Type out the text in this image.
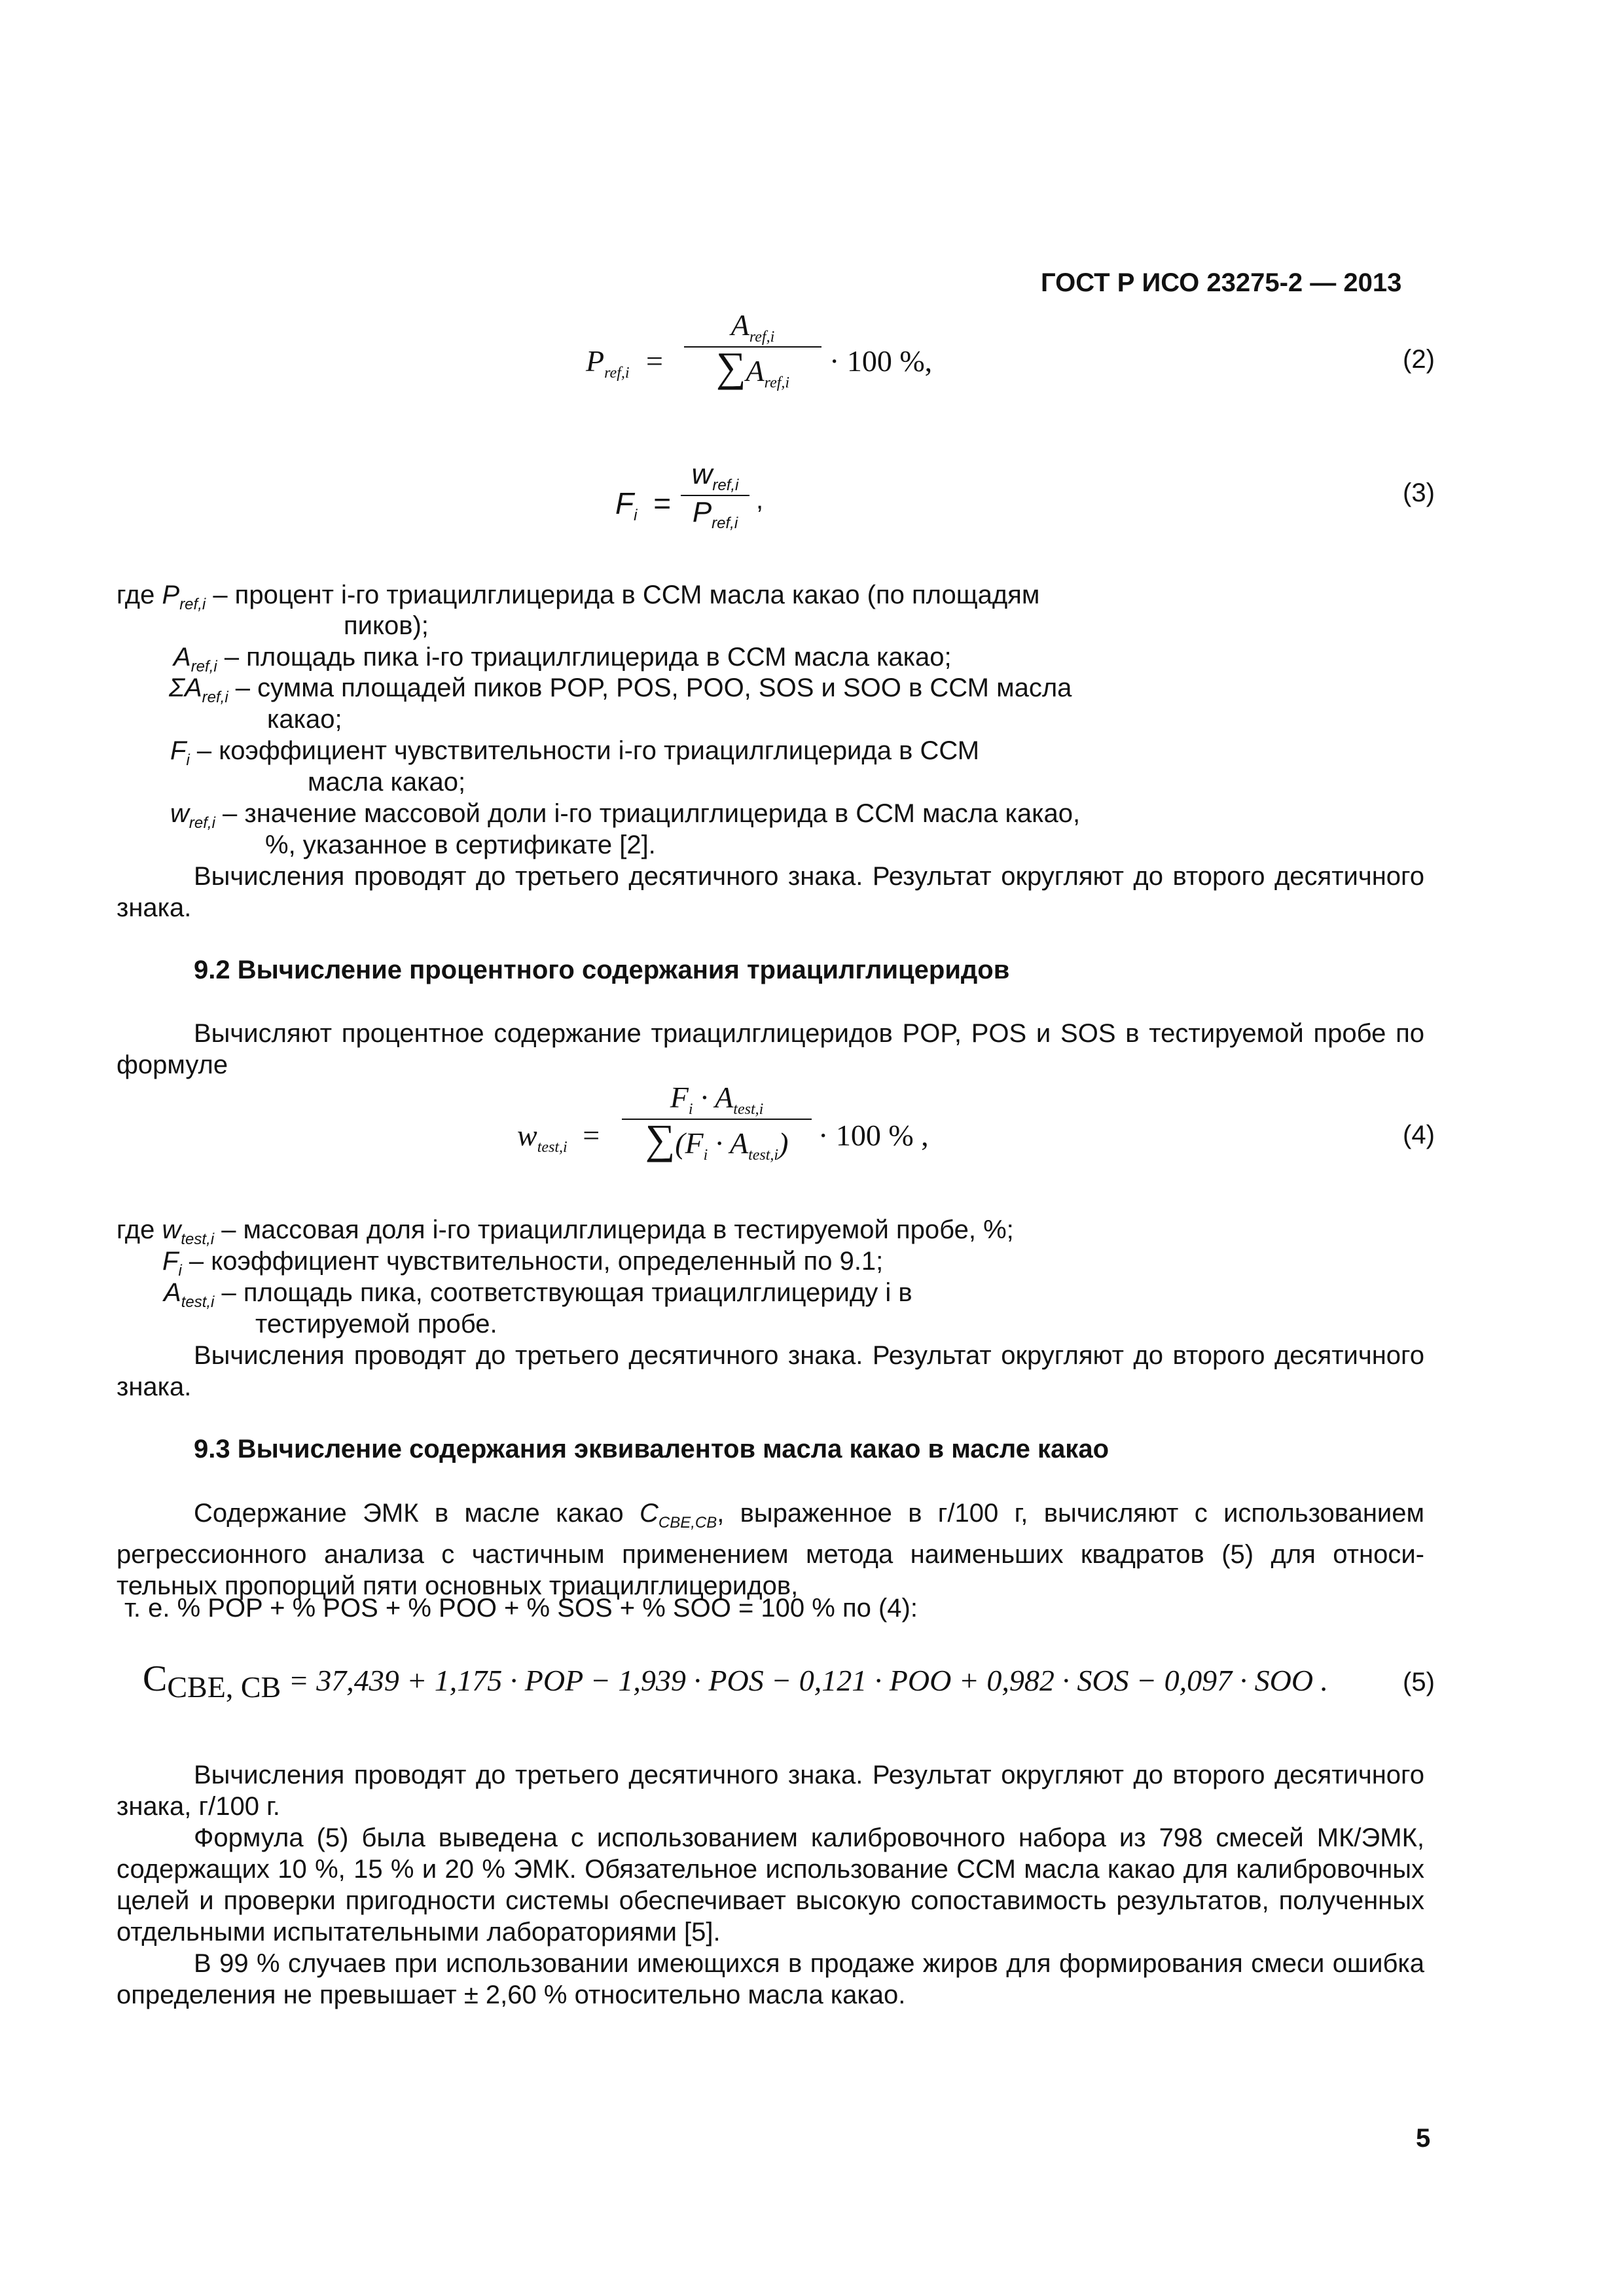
ГОСТ Р ИСО 23275-2 — 2013
$P_{ref,i}$ =
$A_{ref,i}$
$\sum A_{ref,i}$
· 100 %,	(2)
$F_i$ =
$w_{ref,i}$
$P_{ref,i}$
,	(3)
где $P_{ref,i}$ – процент i-го триацилглицерида в ССМ масла какао (по площадям
пиков);
$A_{ref,i}$ – площадь пика i-го триацилглицерида в ССМ масла какао;
$\Sigma A_{ref,i}$ – сумма площадей пиков POP, POS, POO, SOS и SOO в ССМ масла
какао;
$F_i$ – коэффициент чувствительности i-го триацилглицерида в ССМ
масла какао;
$w_{ref,i}$ – значение массовой доли i-го триацилглицерида в ССМ масла какао,
%, указанное в сертификате [2].
Вычисления проводят до третьего десятичного знака. Результат округляют до второго десятичного знака.
9.2 Вычисление процентного содержания триацилглицеридов
Вычисляют процентное содержание триацилглицеридов POP, POS и SOS в тестируемой пробе по формуле
$w_{test,i}$ =
$F_i \cdot A_{test,i}$
$\sum(F_i \cdot A_{test,i}) \cdot 100$ % ,	(4)
где $w_{test,i}$ – массовая доля i-го триацилглицерида в тестируемой пробе, %;
$F_i$ – коэффициент чувствительности, определенный по 9.1;
$A_{test,i}$ – площадь пика, соответствующая триацилглицериду i в
тестируемой пробе.
Вычисления проводят до третьего десятичного знака. Результат округляют до второго десятичного знака.
9.3 Вычисление содержания эквивалентов масла какао в масле какао
Содержание ЭМК в масле какао $C_{CBE,CB}$, выраженное в г/100 г, вычисляют с использованием регрессионного анализа с частичным применением метода наименьших квадратов (5) для относи-тельных пропорций пяти основных триацилглицеридов,
т. е. % POP + % POS + % POO + % SOS + % SOO = 100 % по (4):
$C_{CBE, CB} = 37,439 + 1,175$ · POP − 1,939 · POS − 0,121 · POO + 0,982 · SOS − 0,097 · SOO .	(5)
Вычисления проводят до третьего десятичного знака. Результат округляют до второго десятичного знака, г/100 г.
Формула (5) была выведена с использованием калибровочного набора из 798 смесей МК/ЭМК, содержащих 10 %, 15 % и 20 % ЭМК. Обязательное использование ССМ масла какао для калибровочных целей и проверки пригодности системы обеспечивает высокую сопоставимость результатов, полученных отдельными испытательными лабораториями [5].
В 99 % случаев при использовании имеющихся в продаже жиров для формирования смеси ошибка определения не превышает ± 2,60 % относительно масла какао.
5
